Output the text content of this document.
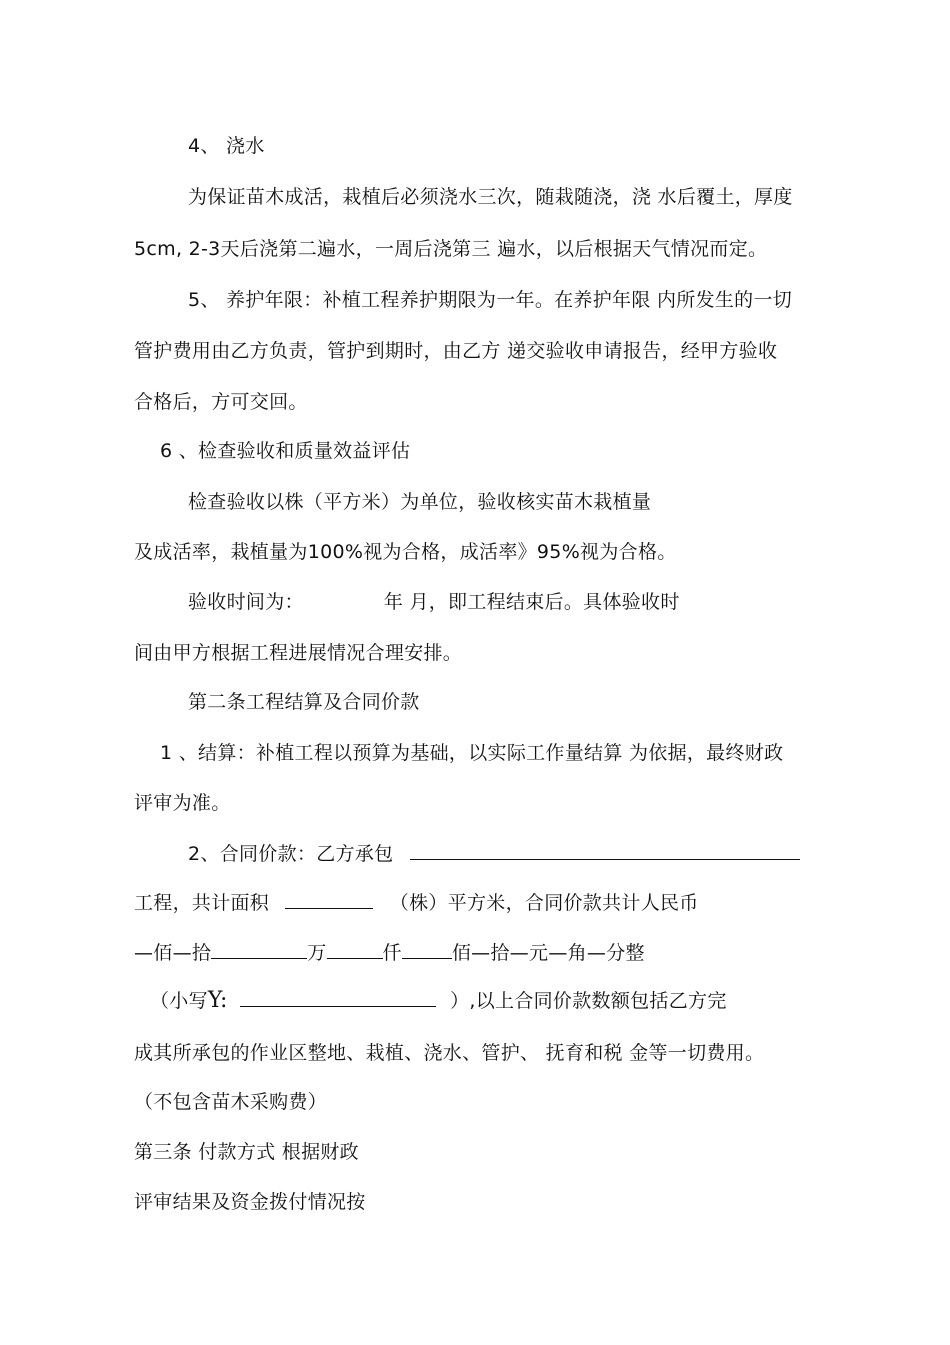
4、 浇水
为保证苗木成活，栽植后必须浇水三次，随栽随浇，浇 水后覆土，厚度
5cm, 2-3天后浇第二遍水，一周后浇第三 遍水，以后根据天气情况而定。
5、 养护年限：补植工程养护期限为一年。在养护年限 内所发生的一切
管护费用由乙方负责，管护到期时，由乙方 递交验收申请报告，经甲方验收
合格后，方可交回。
6 、检查验收和质量效益评估
检查验收以株（平方米）为单位，验收核实苗木栽植量
及成活率，栽植量为100%视为合格，成活率》95%视为合格。
验收时间为：	年 月，即工程结束后。具体验收时
间由甲方根据工程进展情况合理安排。
第二条工程结算及合同价款
1 、结算：补植工程以预算为基础，以实际工作量结算 为依据，最终财政
评审为准。
2、合同价款：乙方承包
工程，共计面积	（株）平方米，合同价款共计人民币
—佰—拾	万	仟	佰—拾—元—角—分整
（小写Y:	）,以上合同价款数额包括乙方完
成其所承包的作业区整地、栽植、浇水、管护、 抚育和税 金等一切费用。
（不包含苗木采购费）
第三条 付款方式 根据财政
评审结果及资金拨付情况按
